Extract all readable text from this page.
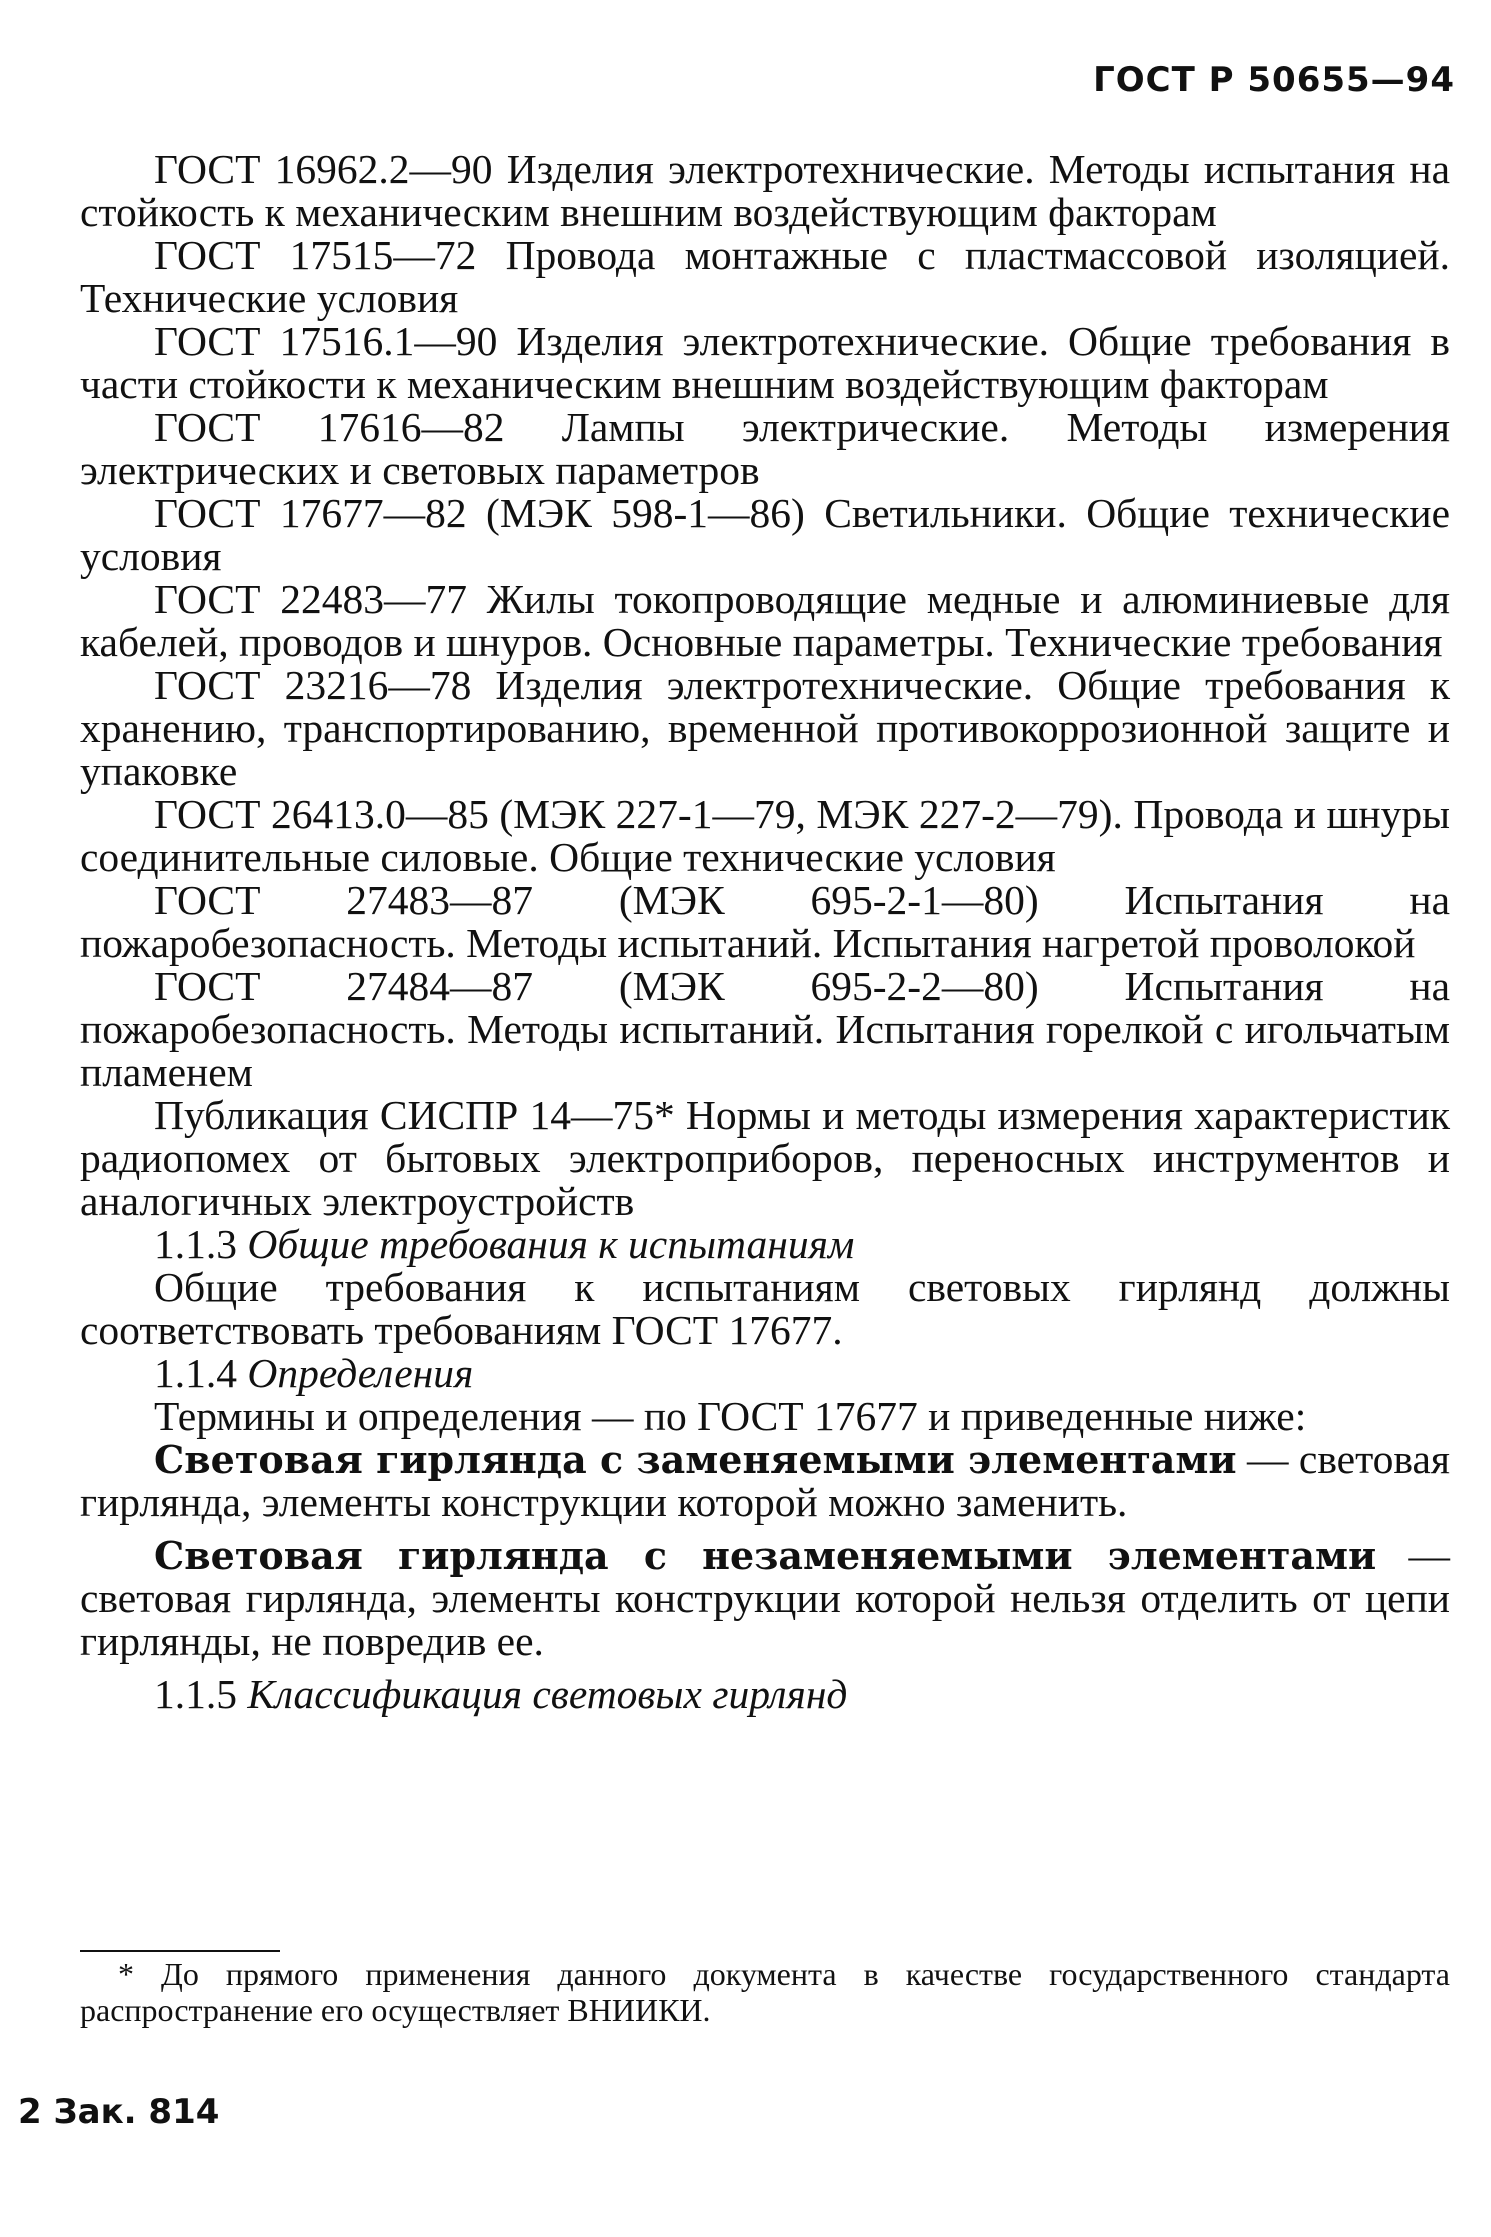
ГОСТ Р 50655—94

ГОСТ 16962.2—90 Изделия электротехнические. Методы испытания на стойкость к механическим внешним воздействующим факторам

ГОСТ 17515—72 Провода монтажные с пластмассовой изоляцией. Технические условия

ГОСТ 17516.1—90 Изделия электротехнические. Общие требования в части стойкости к механическим внешним воздействующим факторам

ГОСТ 17616—82 Лампы электрические. Методы измерения электрических и световых параметров

ГОСТ 17677—82 (МЭК 598-1—86) Светильники. Общие технические условия

ГОСТ 22483—77 Жилы токопроводящие медные и алюминиевые для кабелей, проводов и шнуров. Основные параметры. Технические требования

ГОСТ 23216—78 Изделия электротехнические. Общие требования к хранению, транспортированию, временной противокоррозионной защите и упаковке

ГОСТ 26413.0—85 (МЭК 227-1—79, МЭК 227-2—79). Провода и шнуры соединительные силовые. Общие технические условия

ГОСТ 27483—87 (МЭК 695-2-1—80) Испытания на пожаробезопасность. Методы испытаний. Испытания нагретой проволокой

ГОСТ 27484—87 (МЭК 695-2-2—80) Испытания на пожаробезопасность. Методы испытаний. Испытания горелкой с игольчатым пламенем

Публикация СИСПР 14—75* Нормы и методы измерения характеристик радиопомех от бытовых электроприборов, переносных инструментов и аналогичных электроустройств

1.1.3 Общие требования к испытаниям

Общие требования к испытаниям световых гирлянд должны соответствовать требованиям ГОСТ 17677.

1.1.4 Определения

Термины и определения — по ГОСТ 17677 и приведенные ниже:

Световая гирлянда с заменяемыми элементами — световая гирлянда, элементы конструкции которой можно заменить.

Световая гирлянда с незаменяемыми элементами — световая гирлянда, элементы конструкции которой нельзя отделить от цепи гирлянды, не повредив ее.

1.1.5 Классификация световых гирлянд

* До прямого применения данного документа в качестве государственного стандарта распространение его осуществляет ВНИИКИ.

2 Зак. 814
